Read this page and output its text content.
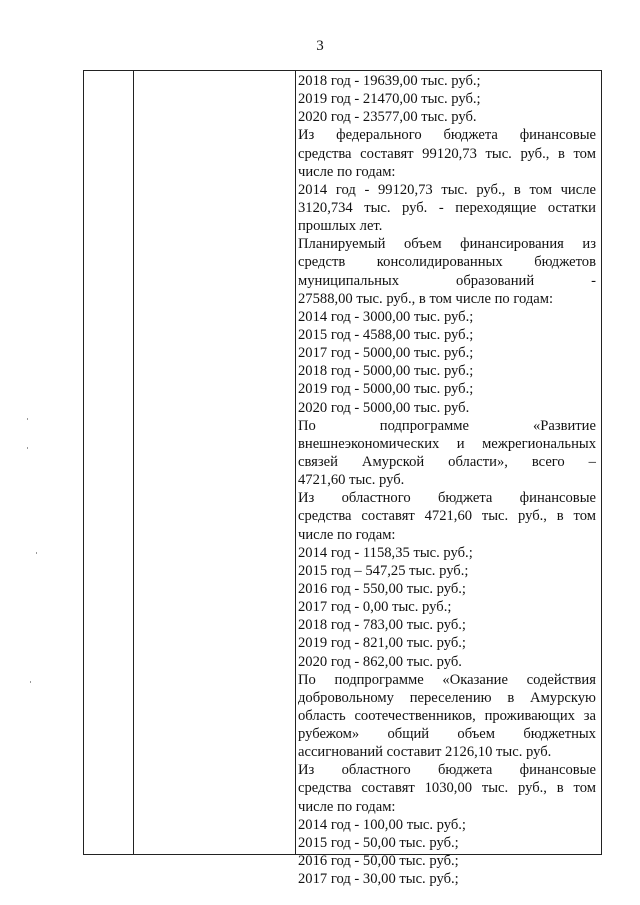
3
2018 год - 19639,00 тыс. руб.;
2019 год - 21470,00 тыс. руб.;
2020 год - 23577,00 тыс. руб.
Из федерального бюджета финансовые
средства составят 99120,73 тыс. руб., в том
числе по годам:
2014 год - 99120,73 тыс. руб., в том числе
3120,734 тыс. руб. - переходящие остатки
прошлых лет.
Планируемый объем финансирования из
средств консолидированных бюджетов
муниципальных	образований	-
27588,00 тыс. руб., в том числе по годам:
2014 год - 3000,00 тыс. руб.;
2015 год - 4588,00 тыс. руб.;
2017 год - 5000,00 тыс. руб.;
2018 год - 5000,00 тыс. руб.;
2019 год - 5000,00 тыс. руб.;
2020 год - 5000,00 тыс. руб.
По	подпрограмме	«Развитие
внешнеэкономических и межрегиональных
связей Амурской области», всего –
4721,60 тыс. руб.
Из областного бюджета финансовые
средства составят 4721,60 тыс. руб., в том
числе по годам:
2014 год - 1158,35 тыс. руб.;
2015 год – 547,25 тыс. руб.;
2016 год - 550,00 тыс. руб.;
2017 год - 0,00 тыс. руб.;
2018 год - 783,00 тыс. руб.;
2019 год - 821,00 тыс. руб.;
2020 год - 862,00 тыс. руб.
По подпрограмме «Оказание содействия
добровольному переселению в Амурскую
область соотечественников, проживающих за
рубежом» общий объем бюджетных
ассигнований составит 2126,10 тыс. руб.
Из областного бюджета финансовые
средства составят 1030,00 тыс. руб., в том
числе по годам:
2014 год - 100,00 тыс. руб.;
2015 год - 50,00 тыс. руб.;
2016 год - 50,00 тыс. руб.;
2017 год - 30,00 тыс. руб.;
